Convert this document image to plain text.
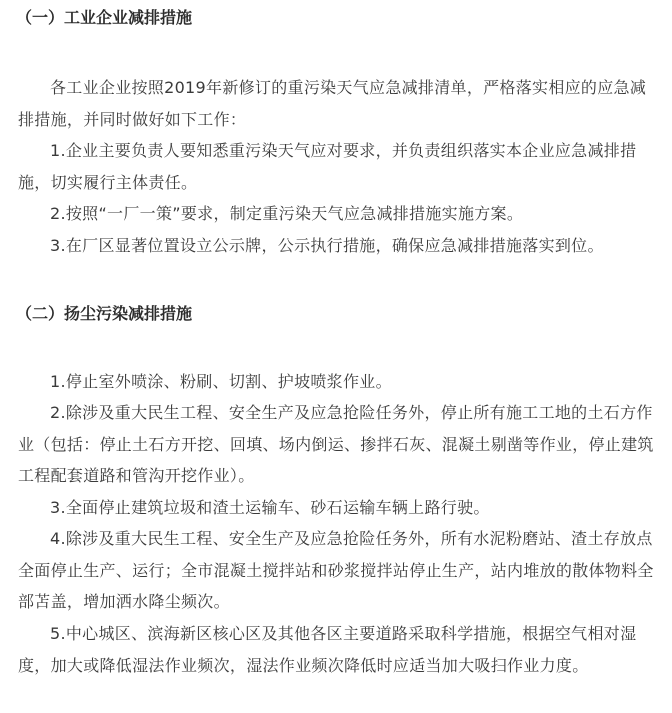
（一）工业企业减排措施

各工业企业按照2019年新修订的重污染天气应急减排清单，严格落实相应的应急减排措施，并同时做好如下工作：

1.企业主要负责人要知悉重污染天气应对要求，并负责组织落实本企业应急减排措施，切实履行主体责任。

2.按照“一厂一策”要求，制定重污染天气应急减排措施实施方案。

3.在厂区显著位置设立公示牌，公示执行措施，确保应急减排措施落实到位。

（二）扬尘污染减排措施

1.停止室外喷涂、粉刷、切割、护坡喷浆作业。

2.除涉及重大民生工程、安全生产及应急抢险任务外，停止所有施工工地的土石方作业（包括：停止土石方开挖、回填、场内倒运、掺拌石灰、混凝土剔凿等作业，停止建筑工程配套道路和管沟开挖作业）。

3.全面停止建筑垃圾和渣土运输车、砂石运输车辆上路行驶。

4.除涉及重大民生工程、安全生产及应急抢险任务外，所有水泥粉磨站、渣土存放点全面停止生产、运行；全市混凝土搅拌站和砂浆搅拌站停止生产，站内堆放的散体物料全部苫盖，增加洒水降尘频次。

5.中心城区、滨海新区核心区及其他各区主要道路采取科学措施，根据空气相对湿度，加大或降低湿法作业频次，湿法作业频次降低时应适当加大吸扫作业力度。
